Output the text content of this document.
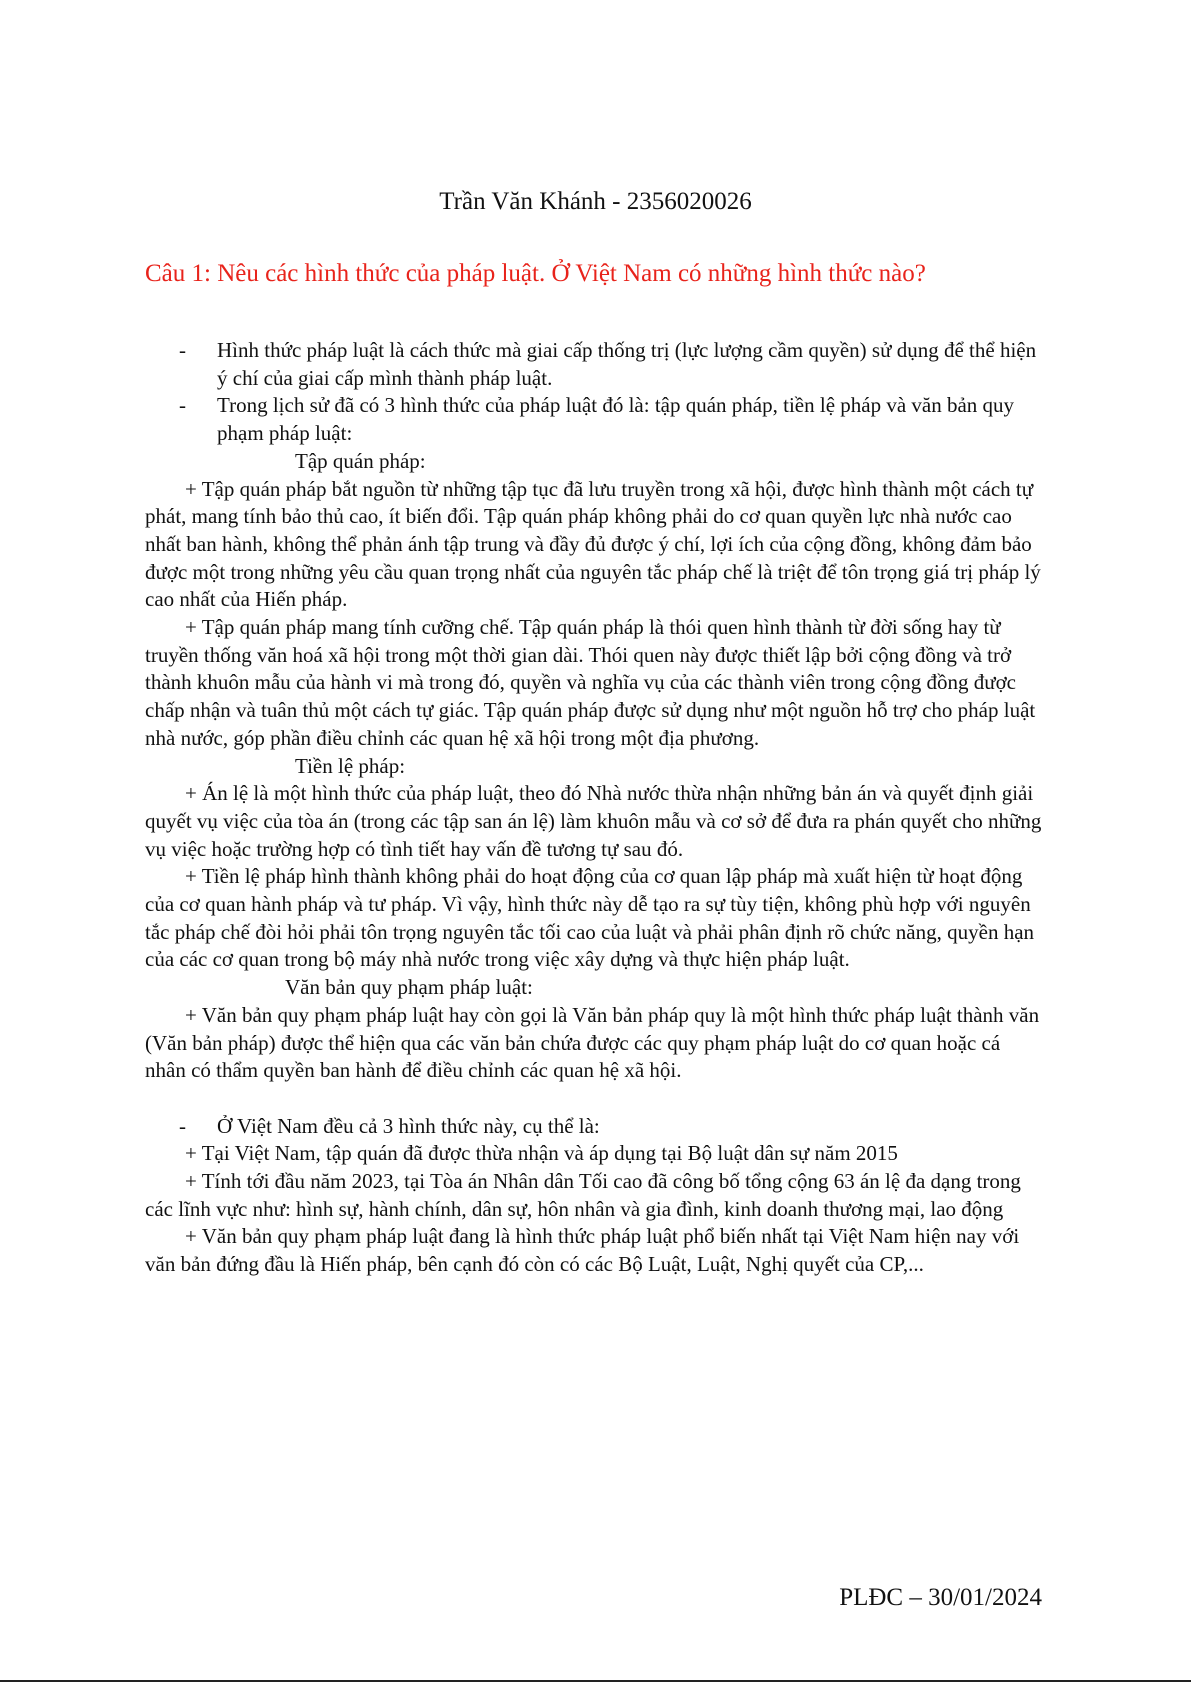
Trần Văn Khánh - 2356020026

Câu 1: Nêu các hình thức của pháp luật. Ở Việt Nam có những hình thức nào?

- Hình thức pháp luật là cách thức mà giai cấp thống trị (lực lượng cầm quyền) sử dụng để thể hiện ý chí của giai cấp mình thành pháp luật.

- Trong lịch sử đã có 3 hình thức của pháp luật đó là: tập quán pháp, tiền lệ pháp và văn bản quy phạm pháp luật:

Tập quán pháp:

+ Tập quán pháp bắt nguồn từ những tập tục đã lưu truyền trong xã hội, được hình thành một cách tự phát, mang tính bảo thủ cao, ít biến đổi. Tập quán pháp không phải do cơ quan quyền lực nhà nước cao nhất ban hành, không thể phản ánh tập trung và đầy đủ được ý chí, lợi ích của cộng đồng, không đảm bảo được một trong những yêu cầu quan trọng nhất của nguyên tắc pháp chế là triệt để tôn trọng giá trị pháp lý cao nhất của Hiến pháp.

+ Tập quán pháp mang tính cưỡng chế. Tập quán pháp là thói quen hình thành từ đời sống hay từ truyền thống văn hoá xã hội trong một thời gian dài. Thói quen này được thiết lập bởi cộng đồng và trở thành khuôn mẫu của hành vi mà trong đó, quyền và nghĩa vụ của các thành viên trong cộng đồng được chấp nhận và tuân thủ một cách tự giác. Tập quán pháp được sử dụng như một nguồn hỗ trợ cho pháp luật nhà nước, góp phần điều chỉnh các quan hệ xã hội trong một địa phương.

Tiền lệ pháp:

+ Án lệ là một hình thức của pháp luật, theo đó Nhà nước thừa nhận những bản án và quyết định giải quyết vụ việc của tòa án (trong các tập san án lệ) làm khuôn mẫu và cơ sở để đưa ra phán quyết cho những vụ việc hoặc trường hợp có tình tiết hay vấn đề tương tự sau đó.

+ Tiền lệ pháp hình thành không phải do hoạt động của cơ quan lập pháp mà xuất hiện từ hoạt động của cơ quan hành pháp và tư pháp. Vì vậy, hình thức này dễ tạo ra sự tùy tiện, không phù hợp với nguyên tắc pháp chế đòi hỏi phải tôn trọng nguyên tắc tối cao của luật và phải phân định rõ chức năng, quyền hạn của các cơ quan trong bộ máy nhà nước trong việc xây dựng và thực hiện pháp luật.

Văn bản quy phạm pháp luật:

+ Văn bản quy phạm pháp luật hay còn gọi là Văn bản pháp quy là một hình thức pháp luật thành văn (Văn bản pháp) được thể hiện qua các văn bản chứa được các quy phạm pháp luật do cơ quan hoặc cá nhân có thẩm quyền ban hành để điều chỉnh các quan hệ xã hội.

- Ở Việt Nam đều cả 3 hình thức này, cụ thể là:

+ Tại Việt Nam, tập quán đã được thừa nhận và áp dụng tại Bộ luật dân sự năm 2015

+ Tính tới đầu năm 2023, tại Tòa án Nhân dân Tối cao đã công bố tổng cộng 63 án lệ đa dạng trong các lĩnh vực như: hình sự, hành chính, dân sự, hôn nhân và gia đình, kinh doanh thương mại, lao động

+ Văn bản quy phạm pháp luật đang là hình thức pháp luật phổ biến nhất tại Việt Nam hiện nay với văn bản đứng đầu là Hiến pháp, bên cạnh đó còn có các Bộ Luật, Luật, Nghị quyết của CP,...

PLĐC – 30/01/2024
